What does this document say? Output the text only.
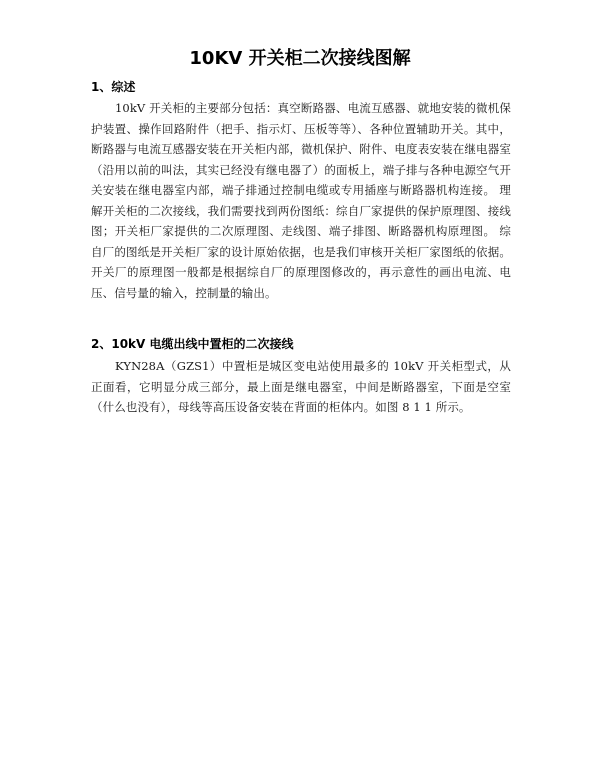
10KV 开关柜二次接线图解
1、综述

10kV 开关柜的主要部分包括：真空断路器、电流互感器、就地安装的微机保护装置、操作回路附件（把手、指示灯、压板等等）、各种位置辅助开关。其中，断路器与电流互感器安装在开关柜内部，微机保护、附件、电度表安装在继电器室（沿用以前的叫法，其实已经没有继电器了）的面板上，端子排与各种电源空气开关安装在继电器室内部，端子排通过控制电缆或专用插座与断路器机构连接。 理解开关柜的二次接线，我们需要找到两份图纸：综自厂家提供的保护原理图、接线图；开关柜厂家提供的二次原理图、走线图、端子排图、断路器机构原理图。 综自厂的图纸是开关柜厂家的设计原始依据，也是我们审核开关柜厂家图纸的依据。开关厂的原理图一般都是根据综自厂的原理图修改的，再示意性的画出电流、电压、信号量的输入，控制量的输出。

2、10kV 电缆出线中置柜的二次接线

KYN28A（GZS1）中置柜是城区变电站使用最多的 10kV 开关柜型式，从正面看，它明显分成三部分，最上面是继电器室，中间是断路器室，下面是空室（什么也没有），母线等高压设备安装在背面的柜体内。如图 8 1 1 所示。
